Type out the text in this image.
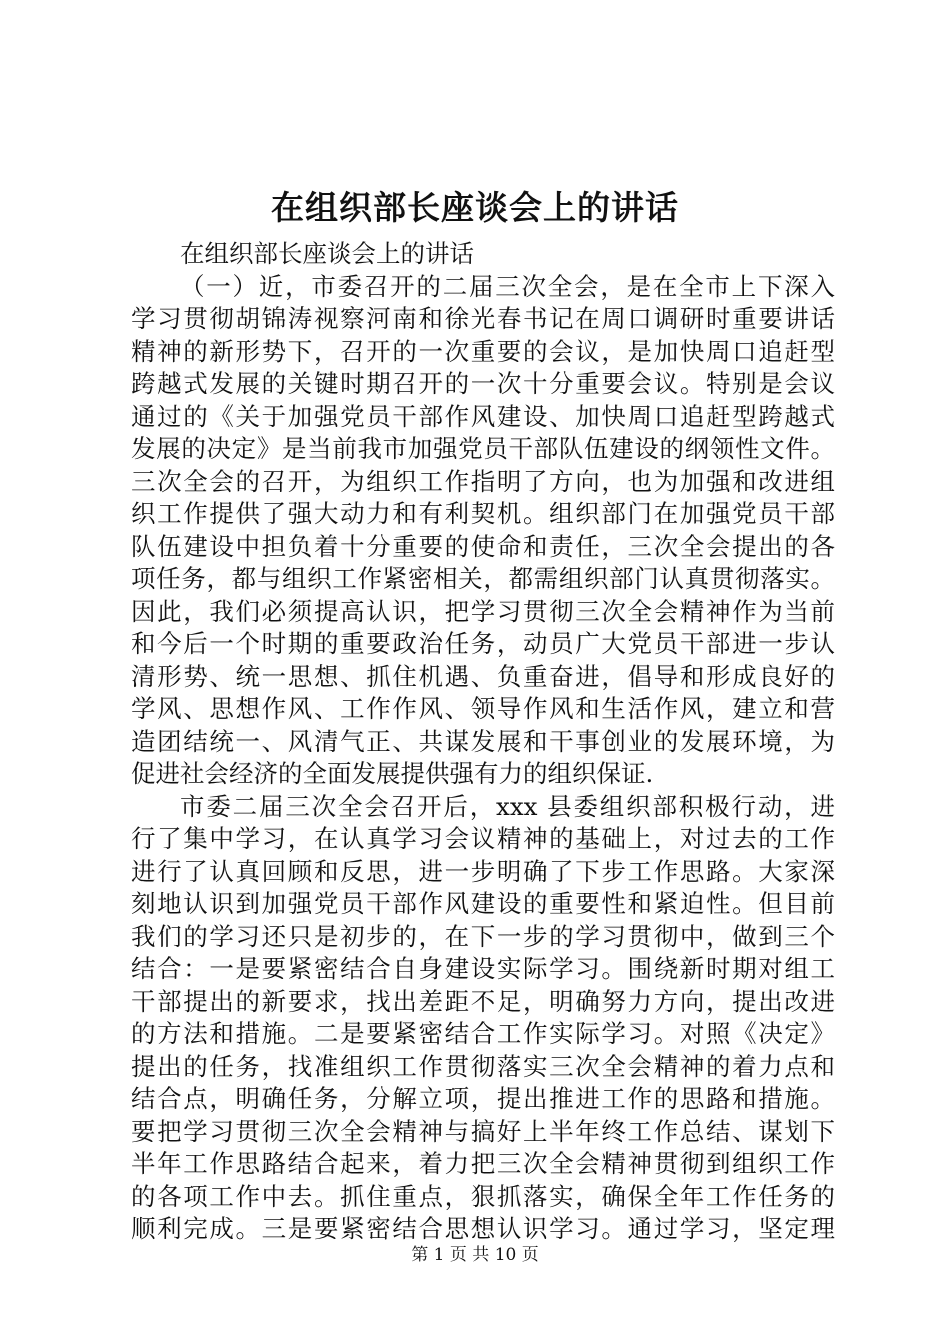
在组织部长座谈会上的讲话
在组织部长座谈会上的讲话
（一）近，市委召开的二届三次全会，是在全市上下深入
学习贯彻胡锦涛视察河南和徐光春书记在周口调研时重要讲话
精神的新形势下，召开的一次重要的会议，是加快周口追赶型
跨越式发展的关键时期召开的一次十分重要会议。特别是会议
通过的《关于加强党员干部作风建设、加快周口追赶型跨越式
发展的决定》是当前我市加强党员干部队伍建设的纲领性文件。
三次全会的召开，为组织工作指明了方向，也为加强和改进组
织工作提供了强大动力和有利契机。组织部门在加强党员干部
队伍建设中担负着十分重要的使命和责任，三次全会提出的各
项任务，都与组织工作紧密相关，都需组织部门认真贯彻落实。
因此，我们必须提高认识，把学习贯彻三次全会精神作为当前
和今后一个时期的重要政治任务，动员广大党员干部进一步认
清形势、统一思想、抓住机遇、负重奋进，倡导和形成良好的
学风、思想作风、工作作风、领导作风和生活作风，建立和营
造团结统一、风清气正、共谋发展和干事创业的发展环境，为
促进社会经济的全面发展提供强有力的组织保证.
市委二届三次全会召开后，xxx 县委组织部积极行动，进
行了集中学习，在认真学习会议精神的基础上，对过去的工作
进行了认真回顾和反思，进一步明确了下步工作思路。大家深
刻地认识到加强党员干部作风建设的重要性和紧迫性。但目前
我们的学习还只是初步的，在下一步的学习贯彻中，做到三个
结合：一是要紧密结合自身建设实际学习。围绕新时期对组工
干部提出的新要求，找出差距不足，明确努力方向，提出改进
的方法和措施。二是要紧密结合工作实际学习。对照《决定》
提出的任务，找准组织工作贯彻落实三次全会精神的着力点和
结合点，明确任务，分解立项，提出推进工作的思路和措施。
要把学习贯彻三次全会精神与搞好上半年终工作总结、谋划下
半年工作思路结合起来，着力把三次全会精神贯彻到组织工作
的各项工作中去。抓住重点，狠抓落实，确保全年工作任务的
顺利完成。三是要紧密结合思想认识学习。通过学习，坚定理
第 1 页 共 10 页
